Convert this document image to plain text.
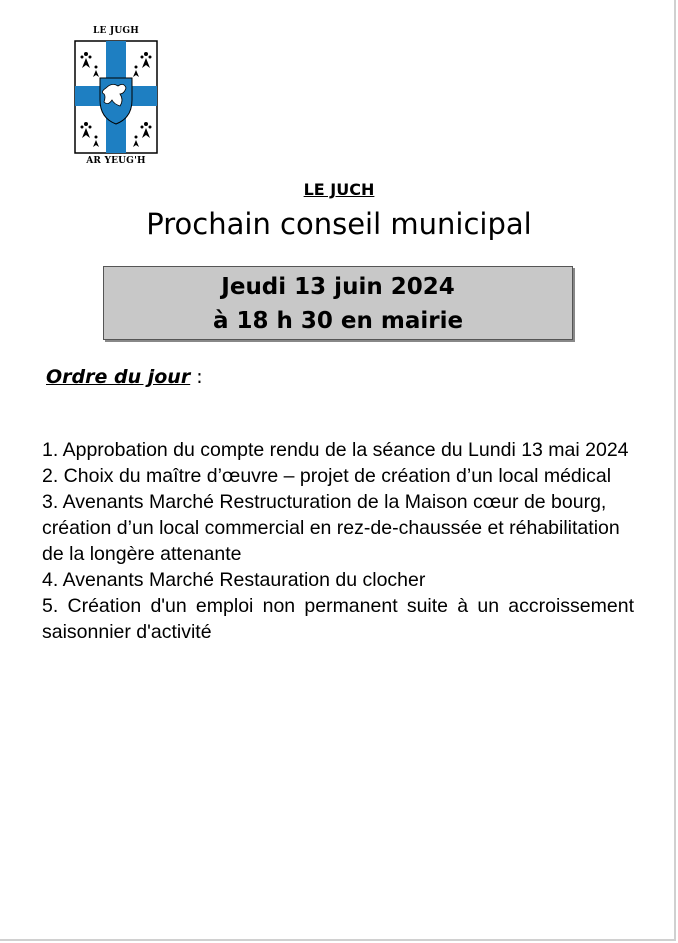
LE JUGH
AR YEUG'H
LE JUCH
Prochain conseil municipal
Jeudi 13 juin 2024
à 18 h 30 en mairie
Ordre du jour :
1. Approbation du compte rendu de la séance du Lundi 13 mai 2024
2. Choix du maître d’œuvre – projet de création d’un local médical
3. Avenants Marché Restructuration de la Maison cœur de bourg, création d’un local commercial en rez-de-chaussée et réhabilitation de la longère attenante
4. Avenants Marché Restauration du clocher
5. Création d'un emploi non permanent suite à un accroissement saisonnier d'activité
